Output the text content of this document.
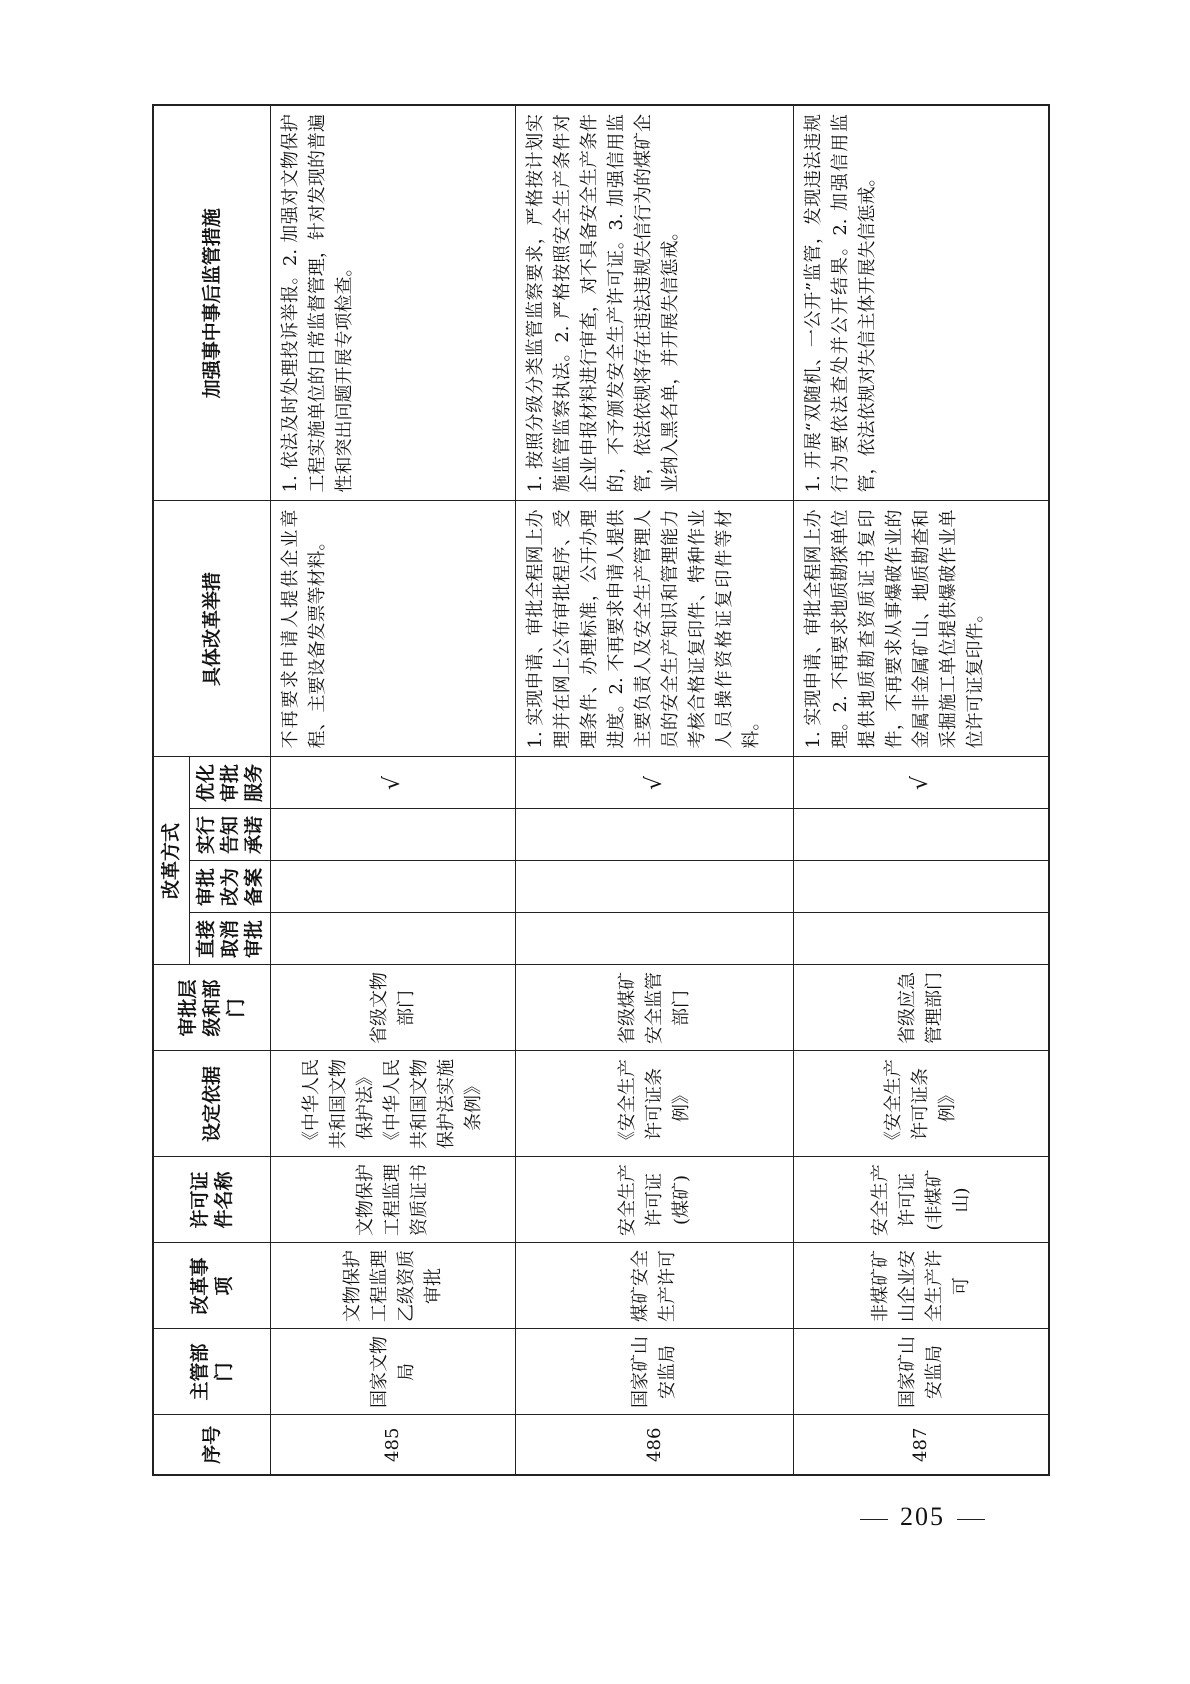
序号	主管部门	改革事项	许可证件名称	设定依据	审批层级和部门	改革方式				具体改革举措	加强事中事后监管措施
						直接取消审批	审批改为备案	实行告知承诺	优化审批服务		
485	国家文物局	文物保护工程监理乙级资质审批	文物保护工程监理资质证书	《中华人民共和国文物保护法》《中华人民共和国文物保护法实施条例》	省级文物部门				√	不再要求申请人提供企业章程、主要设备发票等材料。	1. 依法及时处理投诉举报。2. 加强对文物保护工程实施单位的日常监督管理，针对发现的普遍性和突出问题开展专项检查。
486	国家矿山安监局	煤矿安全生产许可	安全生产许可证(煤矿)	《安全生产许可证条例》	省级煤矿安全监管部门				√	1. 实现申请、审批全程网上办理并在网上公布审批程序、受理条件、办理标准，公开办理进度。2. 不再要求申请人提供主要负责人及安全生产管理人员的安全生产知识和管理能力考核合格证复印件、特种作业人员操作资格证复印件等材料。	1. 按照分级分类监管监察要求，严格按计划实施监管监察执法。2. 严格按照安全生产条件对企业申报材料进行审查，对不具备安全生产条件的，不予颁发安全生产许可证。3. 加强信用监管，依法依规将存在违法违规失信行为的煤矿企业纳入黑名单，并开展失信惩戒。
487	国家矿山安监局	非煤矿矿山企业安全生产许可	安全生产许可证(非煤矿山)	《安全生产许可证条例》	省级应急管理部门				√	1. 实现申请、审批全程网上办理。2. 不再要求地质勘探单位提供地质勘查资质证书复印件，不再要求从事爆破作业的金属非金属矿山、地质勘查和采掘施工单位提供爆破作业单位许可证复印件。	1. 开展“双随机、一公开”监管，发现违法违规行为要依法查处并公开结果。2. 加强信用监管，依法依规对失信主体开展失信惩戒。
205
